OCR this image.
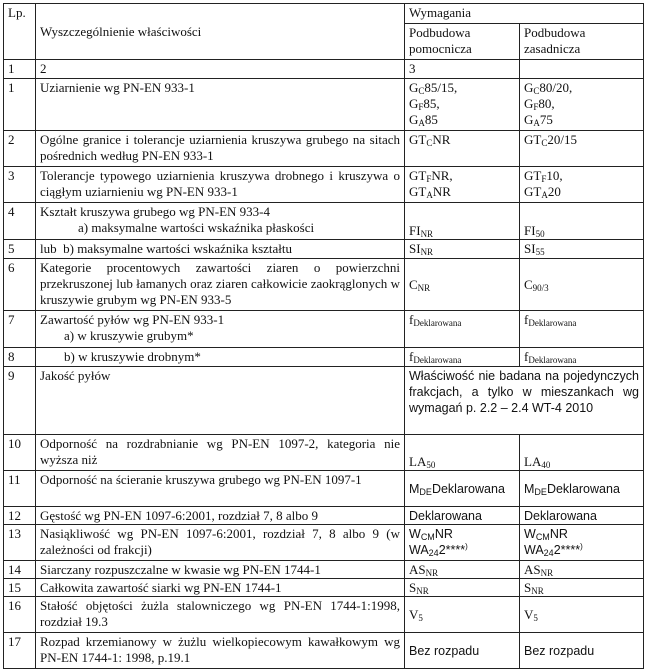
Lp.	Wyszczególnienie właściwości	Wymagania	
		Podbudowa pomocnicza	Podbudowa zasadnicza
1	2	3	
1	Uziarnienie wg PN-EN 933-1	$G_C85/15$,
$G_F85$,
$G_A85$	$G_C80/20$,
$G_F80$,
$G_A75$
2	Ogólne granice i tolerancje uziarnienia kruszywa grubego na sitach pośrednich według PN-EN 933-1	$GT_CNR$	$GT_C20/15$
3	Tolerancje typowego uziarnienia kruszywa drobnego i kruszywa o ciągłym uziarnieniu wg PN-EN 933-1	$GT_FNR$,
$GT_ANR$	$GT_F10$,
$GT_A20$
4	Kształt kruszywa grubego wg PN-EN 933-4
a) maksymalne wartości wskaźnika płaskości	$FI_{NR}$	$FI_{50}$
5	lub b) maksymalne wartości wskaźnika kształtu	$SI_{NR}$	$SI_{55}$
6	Kategorie procentowych zawartości ziaren o powierzchni przekruszonej lub łamanych oraz ziaren całkowicie zaokrąglonych w kruszywie grubym wg PN-EN 933-5	$C_{NR}$	$C_{90/3}$
7	Zawartość pyłów wg PN-EN 933-1
a) w kruszywie grubym*	$f_{Deklarowana}$	$f_{Deklarowana}$
8	b) w kruszywie drobnym*	$f_{Deklarowana}$	$f_{Deklarowana}$
9	Jakość pyłów	Właściwość nie badana na pojedynczych frakcjach, a tylko w mieszankach wg wymagań p. 2.2 – 2.4 WT-4 2010	
10	Odporność na rozdrabnianie wg PN-EN 1097-2, kategoria nie wyższa niż	$LA_{50}$	$LA_{40}$
11	Odporność na ścieranie kruszywa grubego wg PN-EN 1097-1	$M_{DE}Deklarowana$	$M_{DE}Deklarowana$
12	Gęstość wg PN-EN 1097-6:2001, rozdział 7, 8 albo 9	Deklarowana	Deklarowana
13	Nasiąkliwość wg PN-EN 1097-6:2001, rozdział 7, 8 albo 9 (w zależności od frakcji)	$W_{CM}NR$
$WA_{24}2****^)$	$W_{CM}NR$
$WA_{24}2****^)$
14	Siarczany rozpuszczalne w kwasie wg PN-EN 1744-1	$AS_{NR}$	$AS_{NR}$
15	Całkowita zawartość siarki wg PN-EN 1744-1	$S_{NR}$	$S_{NR}$
16	Stałość objętości żużla stalowniczego wg PN-EN 1744-1:1998, rozdział 19.3	$V_5$	$V_5$
17	Rozpad krzemianowy w żużlu wielkopiecowym kawałkowym wg PN-EN 1744-1: 1998, p.19.1	Bez rozpadu	Bez rozpadu
